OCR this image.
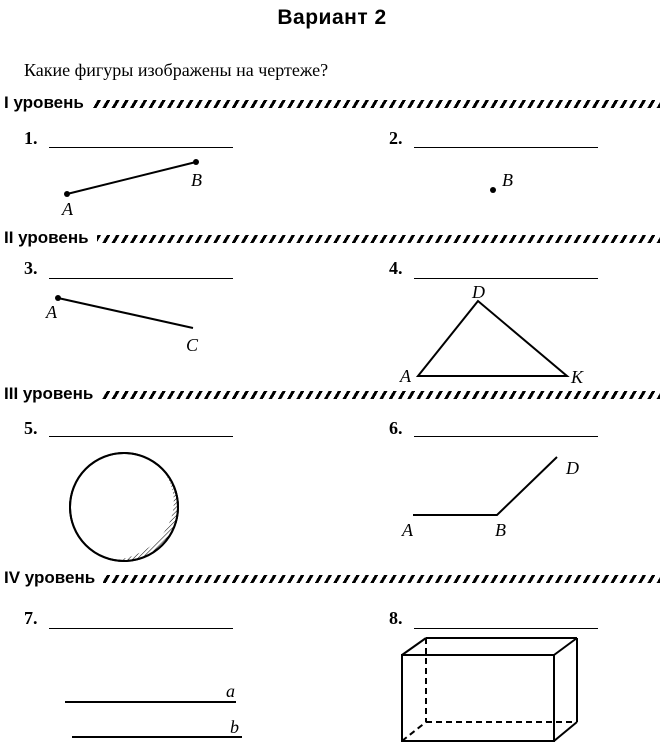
Вариант 2
Какие фигуры изображены на чертеже?
I уровень
II уровень
III уровень
IV уровень
1.	2.
3.	4.
5.	6.
7.	8.
A
B	B
A
C
D
A	K
D
A	B
a
b
